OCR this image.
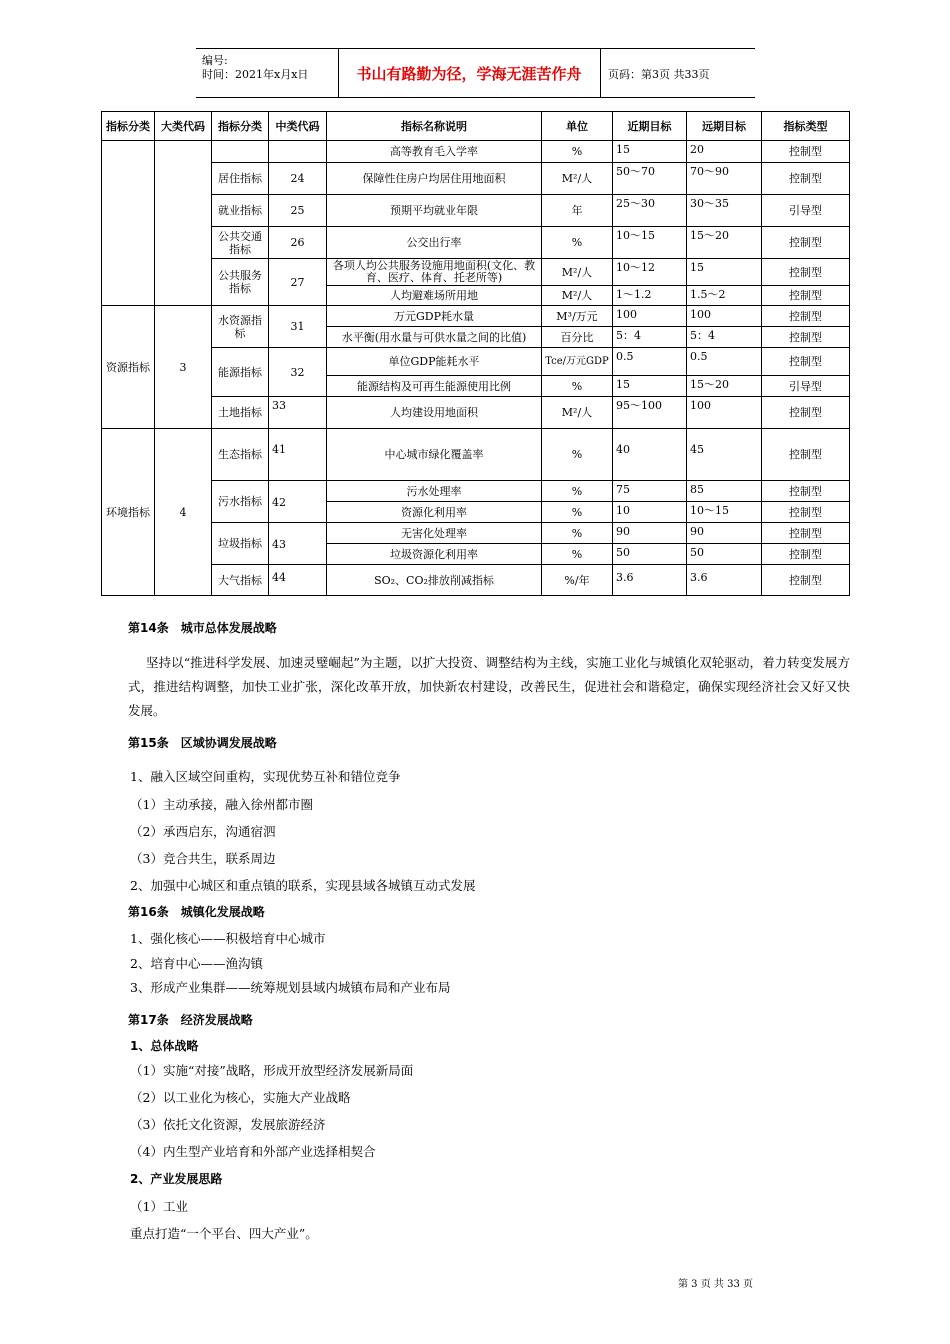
编号:
时间：2021年x月x日	书山有路勤为径，学海无涯苦作舟	页码：第3页 共33页
指标分类	大类代码	指标分类	中类代码	指标名称说明	单位	近期目标	远期目标	指标类型
				高等教育毛入学率	%	15	20	控制型
		居住指标	24	保障性住房户均居住用地面积	M²/人	50～70	70～90	控制型
		就业指标	25	预期平均就业年限	年	25～30	30～35	引导型
		公共交通指标	26	公交出行率	%	10～15	15～20	控制型
		公共服务指标	27	各项人均公共服务设施用地面积(文化、教育、医疗、体育、托老所等)	M²/人	10～12	15	控制型
				人均避难场所用地	M²/人	1～1.2	1.5～2	控制型
资源指标	3	水资源指标	31	万元GDP耗水量	M³/万元	100	100	控制型
				水平衡(用水量与可供水量之间的比值)	百分比	5：4	5：4	控制型
		能源指标	32	单位GDP能耗水平	Tce/万元GDP	0.5	0.5	控制型
				能源结构及可再生能源使用比例	%	15	15～20	引导型
		土地指标	33	人均建设用地面积	M²/人	95～100	100	控制型
环境指标	4	生态指标	41	中心城市绿化覆盖率	%	40	45	控制型
		污水指标	42	污水处理率	%	75	85	控制型
				资源化利用率	%	10	10～15	控制型
		垃圾指标	43	无害化处理率	%	90	90	控制型
				垃圾资源化利用率	%	50	50	控制型
		大气指标	44	SO₂、CO₂排放削减指标	%/年	3.6	3.6	控制型
第14条　城市总体发展战略
坚持以“推进科学发展、加速灵璧崛起”为主题，以扩大投资、调整结构为主线，实施工业化与城镇化双轮驱动，着力转变发展方式，推进结构调整，加快工业扩张，深化改革开放，加快新农村建设，改善民生，促进社会和谐稳定，确保实现经济社会又好又快发展。
第15条　区域协调发展战略
1、融入区域空间重构，实现优势互补和错位竞争
（1）主动承接，融入徐州都市圈
（2）承西启东，沟通宿泗
（3）竞合共生，联系周边
2、加强中心城区和重点镇的联系，实现县域各城镇互动式发展
第16条　城镇化发展战略
1、强化核心——积极培育中心城市
2、培育中心——渔沟镇
3、形成产业集群——统筹规划县域内城镇布局和产业布局
第17条　经济发展战略
1、总体战略
（1）实施“对接”战略，形成开放型经济发展新局面
（2）以工业化为核心，实施大产业战略
（3）依托文化资源，发展旅游经济
（4）内生型产业培育和外部产业选择相契合
2、产业发展思路
（1）工业
重点打造“一个平台、四大产业”。
第 3 页 共 33 页
